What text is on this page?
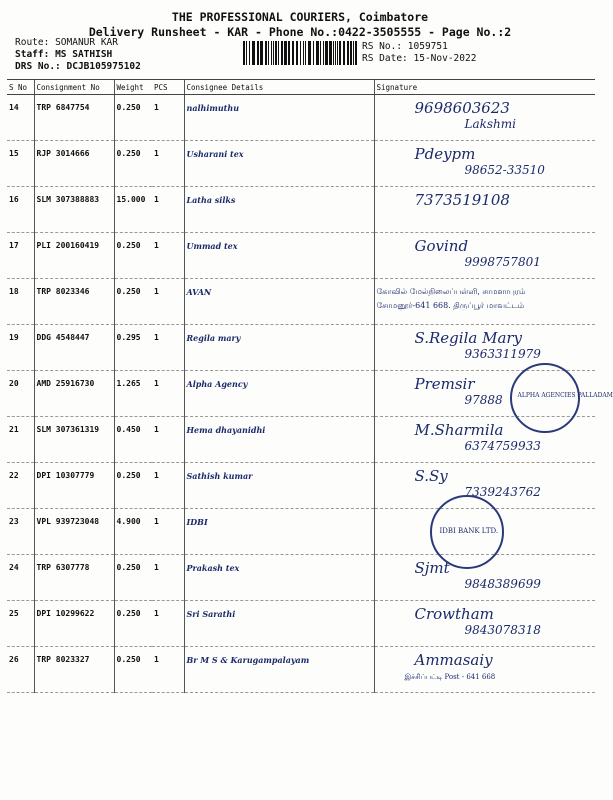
THE PROFESSIONAL COURIERS, Coimbatore
Delivery Runsheet - KAR - Phone No.:0422-3505555 - Page No.:2
Route: SOMANUR KAR
Staff: MS SATHISH
DRS No.: DCJB105975102
RS No.: 1059751
RS Date: 15-Nov-2022
S No	Consignment No	Weight	PCS	Consignee Details	Signature
14	TRP 6847754	0.250	1	nalhimuthu	9698603623
Lakshmi

15	RJP 3014666	0.250	1	Usharani tex	Pdeypm
98652-33510

16	SLM 307388883	15.000	1	Latha silks	7373519108

17	PLI 200160419	0.250	1	Ummad tex	Govind
9998757801

18	TRP 8023346	0.250	1	AVAN	கோவில் மேல்நிலைப்பள்ளி, சாமளாபுரம்
சோமனூர்-641 668. திருப்பூர் மாவட்டம்

19	DDG 4548447	0.295	1	Regila mary	S.Regila Mary
9363311979

20	AMD 25916730	1.265	1	Alpha Agency	Premsir
97888 ALPHA AGENCIES PALLADAM

21	SLM 307361319	0.450	1	Hema dhayanidhi	M.Sharmila
6374759933

22	DPI 10307779	0.250	1	Sathish kumar	S.Sy
7339243762

23	VPL 939723048	4.900	1	IDBI	IDBI BANK LTD.

24	TRP 6307778	0.250	1	Prakash tex	Sjmt
9848389699

25	DPI 10299622	0.250	1	Sri Sarathi	Crowtham
9843078318

26	TRP 8023327	0.250	1	Br M S & Karugampalayam	Ammasaiy
இச்சிப்பட்டி Post - 641 668
